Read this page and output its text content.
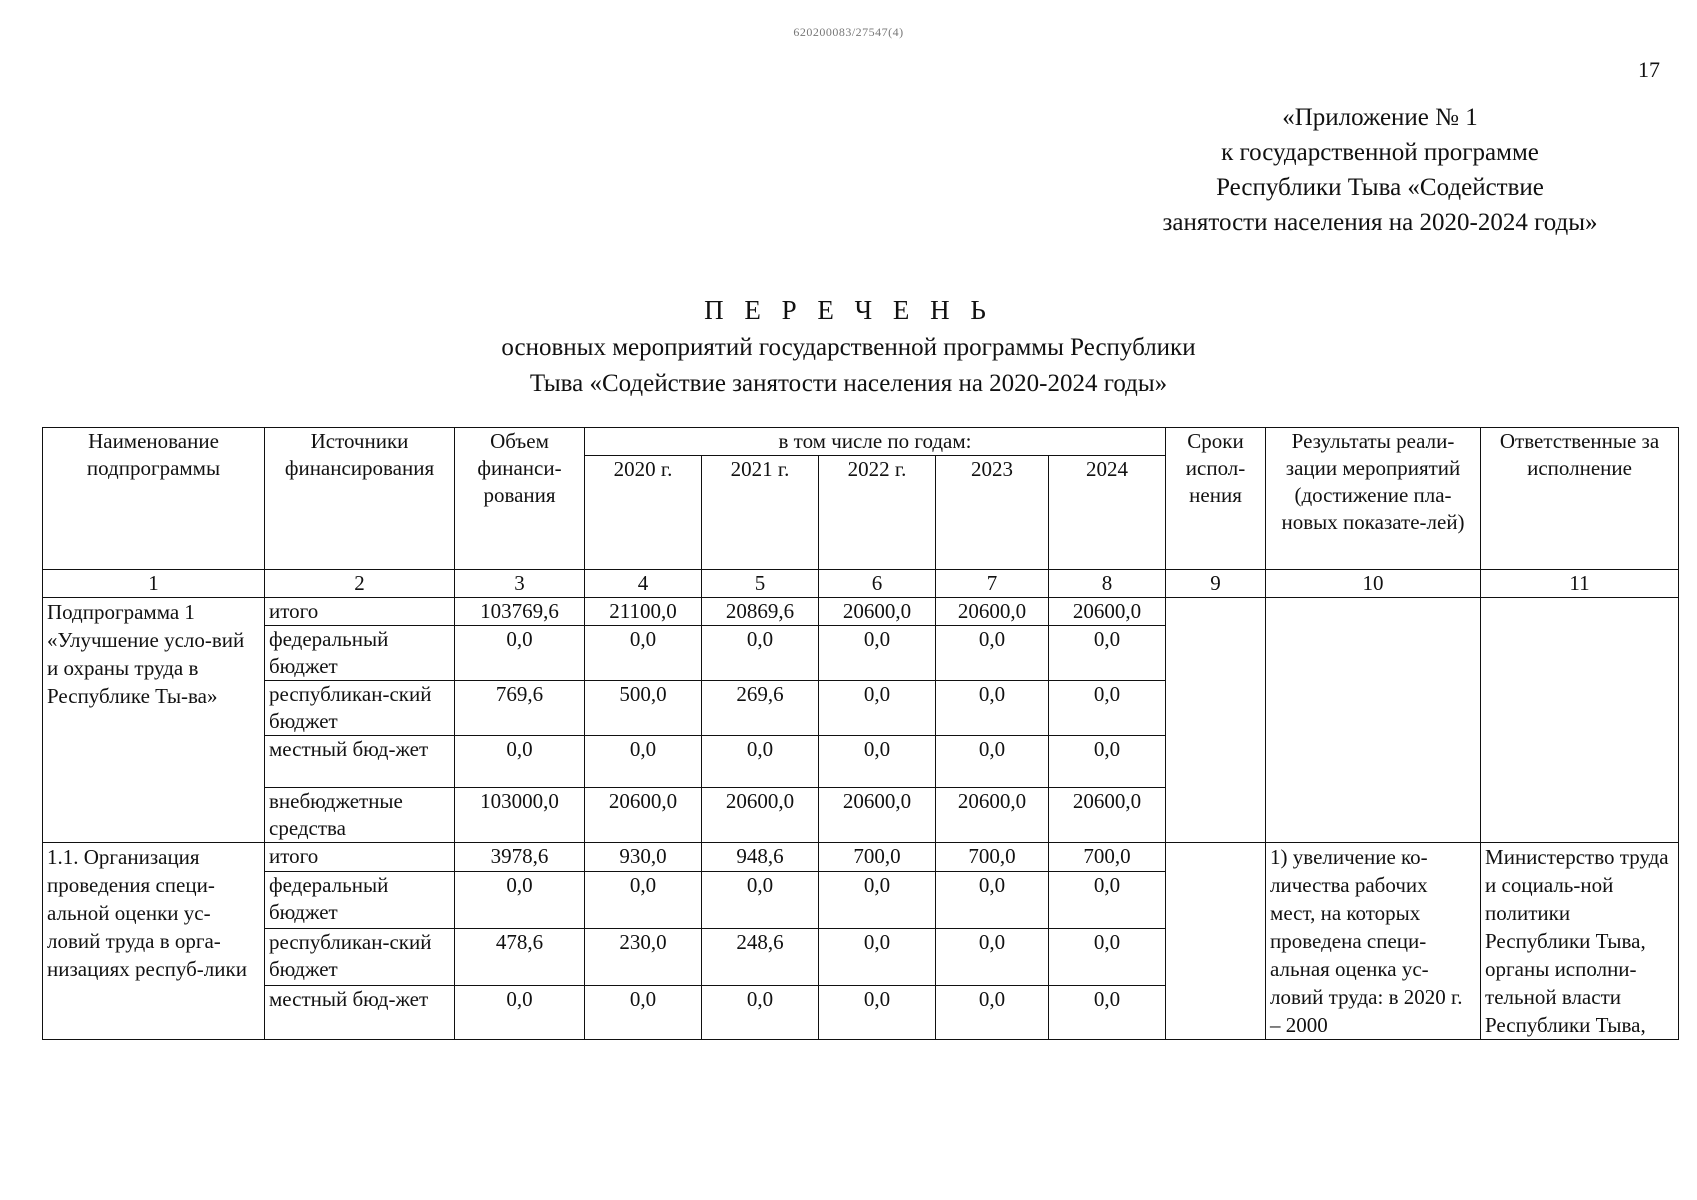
620200083/27547(4)
17
«Приложение № 1
к государственной программе
Республики Тыва «Содействие
занятости населения на 2020-2024 годы»
П Е Р Е Ч Е Н Ь
основных мероприятий государственной программы Республики
Тыва «Содействие занятости населения на 2020-2024 годы»
Наименование подпрограммы	Источники финансирования	Объем финанси-рования	в том числе по годам:					Сроки испол-нения	Результаты реали-зации мероприятий (достижение пла-новых показате-лей)	Ответственные за исполнение
			2020 г.	2021 г.	2022 г.	2023	2024			
1	2	3	4	5	6	7	8	9	10	11
Подпрограмма 1 «Улучшение усло-вий и охраны труда в Республике Ты-ва»	итого	103769,6	21100,0	20869,6	20600,0	20600,0	20600,0			
	федеральный бюджет	0,0	0,0	0,0	0,0	0,0	0,0			
	республикан-ский бюджет	769,6	500,0	269,6	0,0	0,0	0,0			
	местный бюд-жет	0,0	0,0	0,0	0,0	0,0	0,0			
	внебюджетные средства	103000,0	20600,0	20600,0	20600,0	20600,0	20600,0			
1.1. Организация проведения специ-альной оценки ус-ловий труда в орга-низациях респуб-лики	итого	3978,6	930,0	948,6	700,0	700,0	700,0		1) увеличение ко-личества рабочих мест, на которых проведена специ-альная оценка ус-ловий труда: в 2020 г. – 2000	Министерство труда и социаль-ной политики Республики Тыва, органы исполни-тельной власти Республики Тыва,
	федеральный бюджет	0,0	0,0	0,0	0,0	0,0	0,0			
	республикан-ский бюджет	478,6	230,0	248,6	0,0	0,0	0,0			
	местный бюд-жет	0,0	0,0	0,0	0,0	0,0	0,0			
